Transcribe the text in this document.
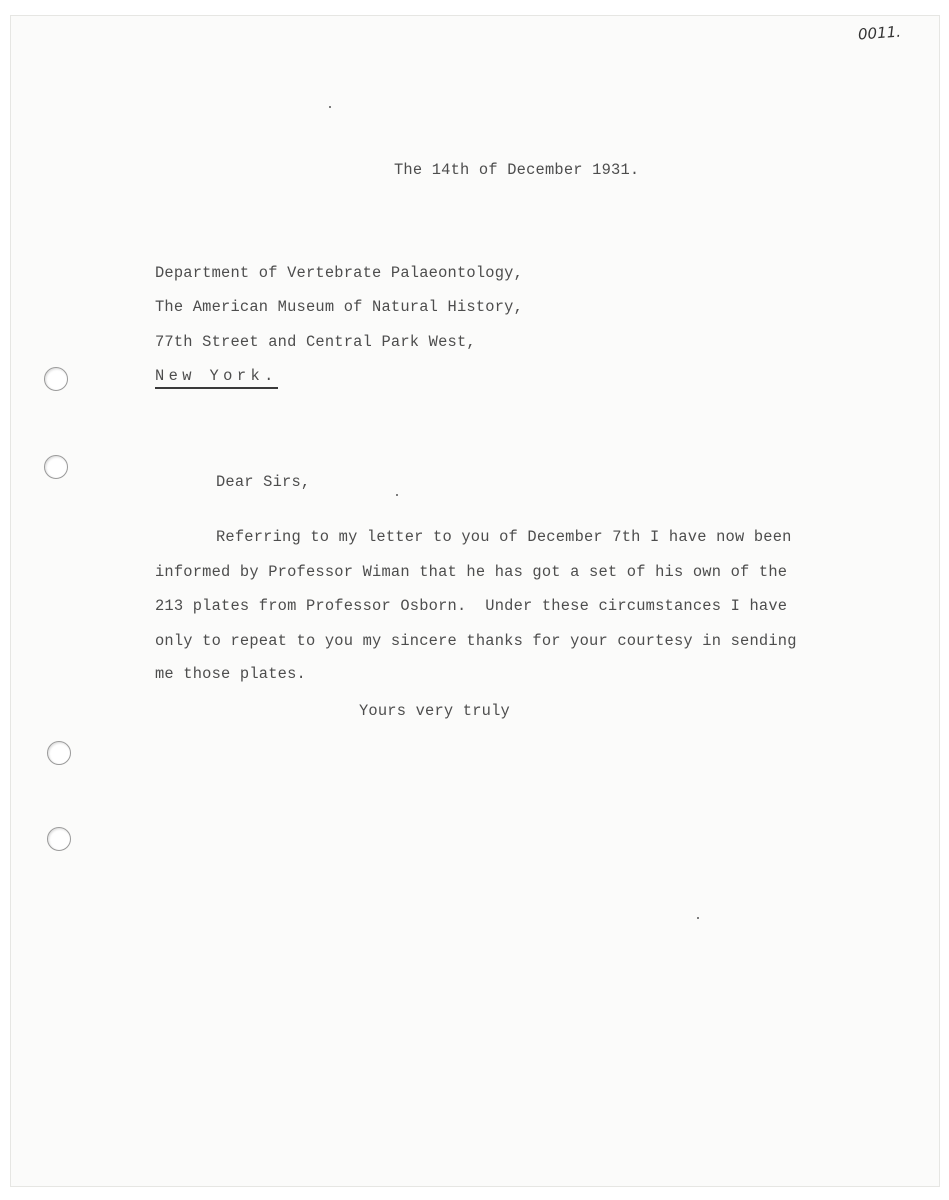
0011.
The 14th of December 1931.
Department of Vertebrate Palaeontology,
The American Museum of Natural History,
77th Street and Central Park West,
New York.
Dear Sirs,
Referring to my letter to you of December 7th I have now been
informed by Professor Wiman that he has got a set of his own of the
213 plates from Professor Osborn.  Under these circumstances I have
only to repeat to you my sincere thanks for your courtesy in sending
me those plates.
Yours very truly
